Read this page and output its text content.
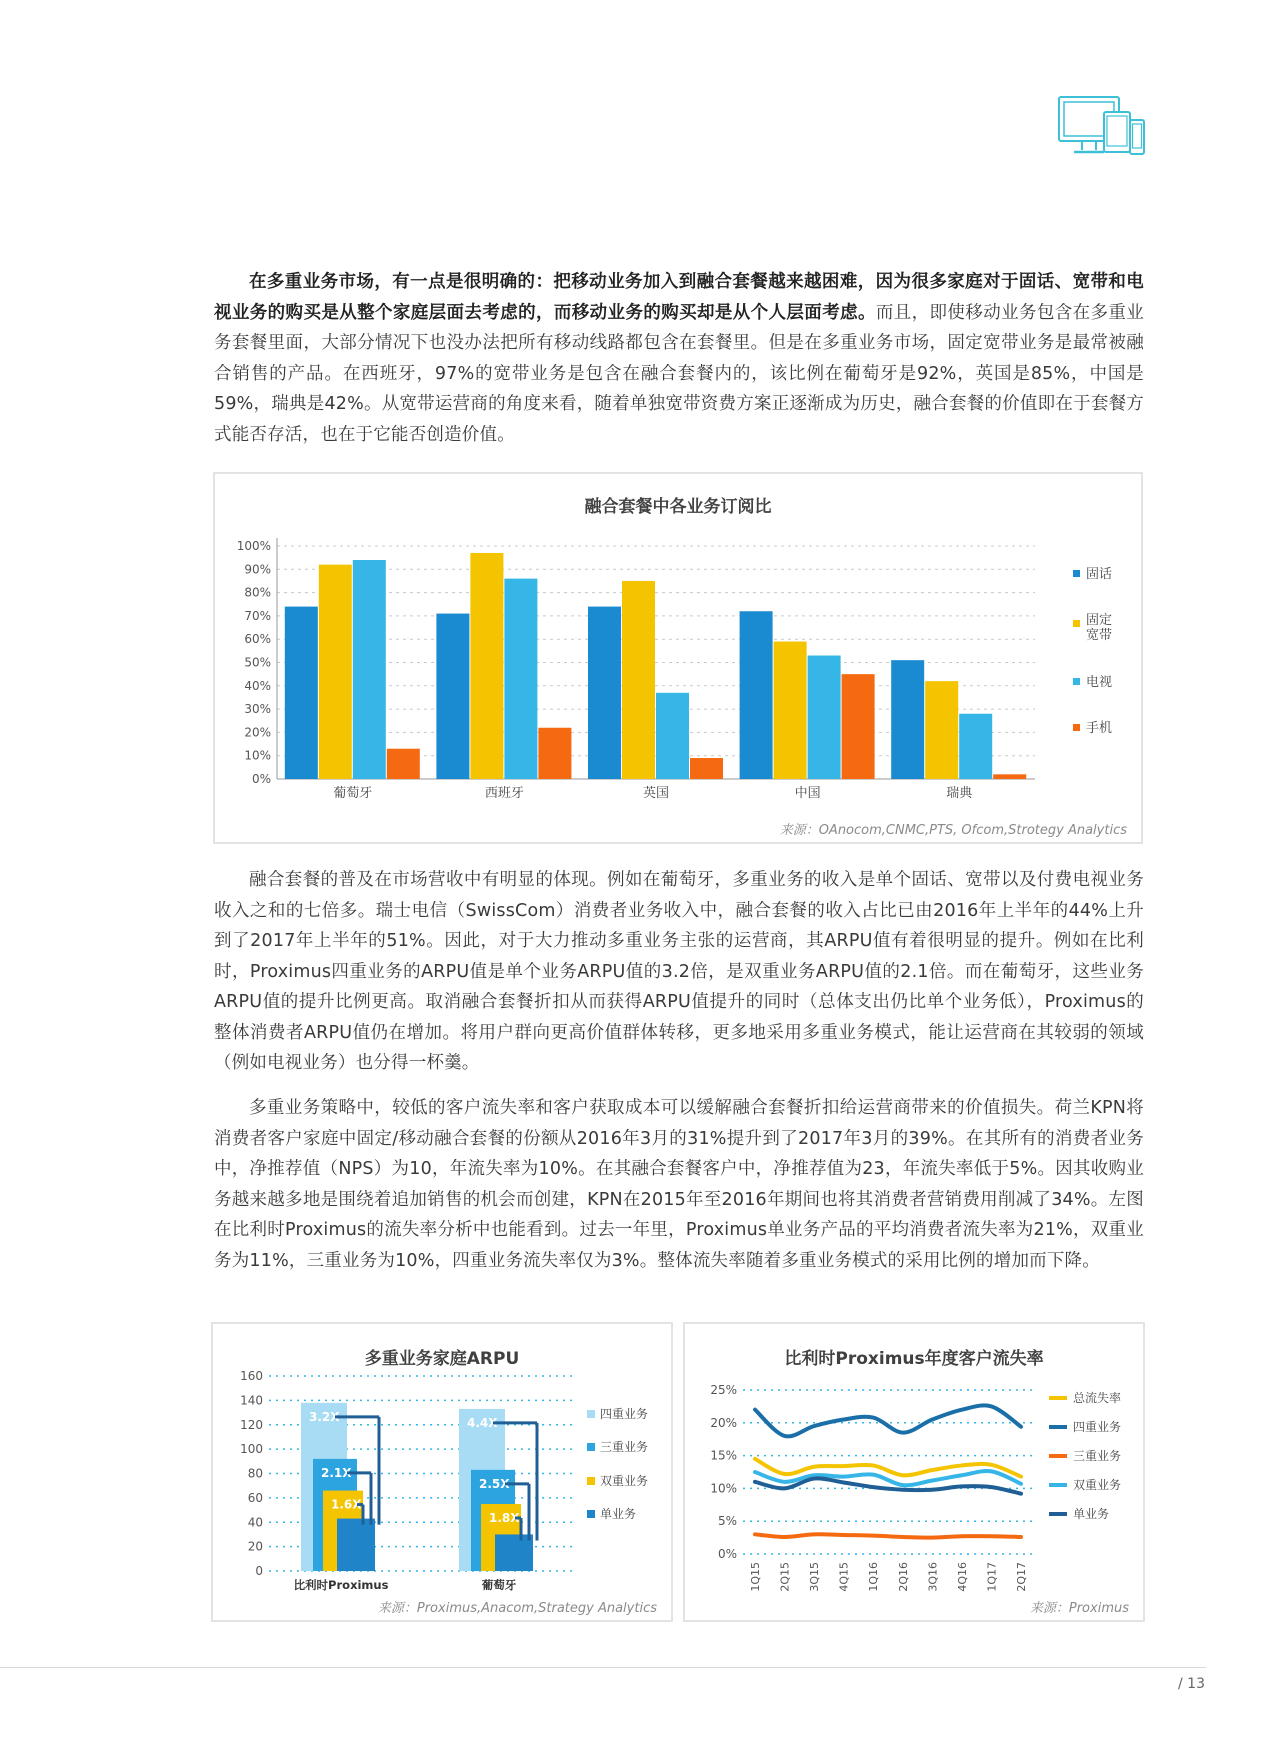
在多重业务市场，有一点是很明确的：把移动业务加入到融合套餐越来越困难，因为很多家庭对于固话、宽带和电视业务的购买是从整个家庭层面去考虑的，而移动业务的购买却是从个人层面考虑。而且，即使移动业务包含在多重业务套餐里面，大部分情况下也没办法把所有移动线路都包含在套餐里。但是在多重业务市场，固定宽带业务是最常被融合销售的产品。在西班牙，97%的宽带业务是包含在融合套餐内的，该比例在葡萄牙是92%，英国是85%，中国是59%，瑞典是42%。从宽带运营商的角度来看，随着单独宽带资费方案正逐渐成为历史，融合套餐的价值即在于套餐方式能否存活，也在于它能否创造价值。

融合套餐中各业务订阅比
0%
10%
20%
30%
40%
50%
60%
70%
80%
90%
100%
葡萄牙	西班牙	英国	中国	瑞典
固话
固定
宽带
电视
手机
来源：OAnocom,CNMC,PTS, Ofcom,Strotegy Analytics

融合套餐的普及在市场营收中有明显的体现。例如在葡萄牙，多重业务的收入是单个固话、宽带以及付费电视业务收入之和的七倍多。瑞士电信（SwissCom）消费者业务收入中，融合套餐的收入占比已由2016年上半年的44%上升到了2017年上半年的51%。因此，对于大力推动多重业务主张的运营商，其ARPU值有着很明显的提升。例如在比利时，Proximus四重业务的ARPU值是单个业务ARPU值的3.2倍，是双重业务ARPU值的2.1倍。而在葡萄牙，这些业务ARPU值的提升比例更高。取消融合套餐折扣从而获得ARPU值提升的同时（总体支出仍比单个业务低），Proximus的整体消费者ARPU值仍在增加。将用户群向更高价值群体转移，更多地采用多重业务模式，能让运营商在其较弱的领域（例如电视业务）也分得一杯羹。

多重业务策略中，较低的客户流失率和客户获取成本可以缓解融合套餐折扣给运营商带来的价值损失。荷兰KPN将消费者客户家庭中固定/移动融合套餐的份额从2016年3月的31%提升到了2017年3月的39%。在其所有的消费者业务中，净推荐值（NPS）为10，年流失率为10%。在其融合套餐客户中，净推荐值为23，年流失率低于5%。因其收购业务越来越多地是围绕着追加销售的机会而创建，KPN在2015年至2016年期间也将其消费者营销费用削减了34%。左图在比利时Proximus的流失率分析中也能看到。过去一年里，Proximus单业务产品的平均消费者流失率为21%，双重业务为11%，三重业务为10%，四重业务流失率仅为3%。整体流失率随着多重业务模式的采用比例的增加而下降。

多重业务家庭ARPU
0
20
40
60
80
100
120
140
160
3.2X
2.1X
1.6X
比利时Proximus
4.4X
2.5X
1.8X
葡萄牙
四重业务
三重业务
双重业务
单业务
来源：Proximus,Anacom,Strategy Analytics
比利时Proximus年度客户流失率
0%
5%
10%
15%
20%
25%
1Q15 2Q15 3Q15 4Q15 1Q16 2Q16 3Q16 4Q16 1Q17 2Q17
总流失率
四重业务
三重业务
双重业务
单业务
来源：Proximus
/ 13
